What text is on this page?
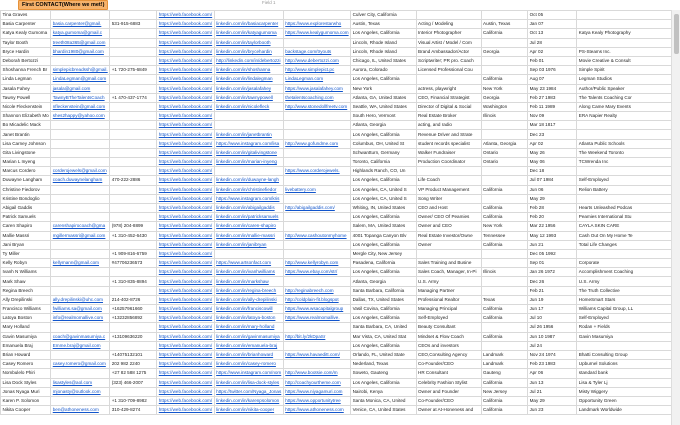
First CONTACT(Where we met!)	Field 1
Tina Graves			https://web.facebook.com/			Culver City, California			Oct 05	
Basia Carpenter	basia.carpenter@gmail.	531-915-6883	https://web.facebook.com/	linkedin.com/in/basiacarpenter	https://www.explorestarwho	Austin, Texas	Acting / Modeling	Austin, Texas	Jan 07	
Katya Kealy Gumoma	katya.gumoma@gmail.c		https://web.facebook.com/	linkedin.com/in/katyagumoma	https://www.kealygumoma.com	Los Angeles, California	Interior Photographer	California	Oct 13	Katya Kealy Photography
Taylor Booth	treeth08a365@gmail.com		https://web.facebook.com/	linkedin.com/in/taylorbooth		Lincoln, Rhode Island	Visual Artist / Model / Com		Jul 28	
Bryce Hardin	bhardin1980@gmail.com		https://web.facebook.com/	linkedin.com/in/brycehardin	backstage.com/tryouts	Lincoln, Rhode Island	Brand Ambassador/Actor	Georgia	Apr 02	PS-Steams Inc.
Deborah Bertozzi			https://web.facebook.com/	http://linkedin.com/in/debertozzi	http://www.debertozzi.com	Chicago, IL, United States	Scriptwriter; PR pro. Coach		Feb 01	Movie Creative & Consult
Shoshanna French Br	simplepicbreadssh@gmail.	+1 720-275-6849	https://web.facebook.com/	linkedin.com/in/shoshanna	http://www.simplepict.pc	Aurora, Colorado	Licensed Professional Cou		Sep 03 1976	Simple Spirit
Linda Legman	LindaLegman@gmail.com		https://web.facebook.com/	linkedin.com/in/lindalegman	LindaLegman.com	Los Angeles, California		California	Aug 07	Legman Studios
Jasala Fahey	jasala@gmail.com		https://web.facebook.com/	linkedin.com/in/jasalafahey	https://www.jasalafahey.com	New York	actress, playwright	New York	May 23 1984	Author/Public Speaker
Tawny Powell	TawnyBTheTalentsCoach	+1 470-437-1774	https://web.facebook.com/	linkedin.com/in/tawnypowell	thetalentscoaching.com	Atlanta, GA, United States	CEO, Financial Strategist	Georgia	Feb 27 1983	The Talents Coaching Cor
Nicole Fleckenstein	nfleckenstein@gmail.com		https://web.facebook.com/	linkedin.com/in/nicolefleck	http://www.stonedollfreetv.com	Seattle, WA, United States	Director of Digital & Social	Washington	Feb 11 1989	Along Came Mary Events
Shannon Elizabeth Mo	shes2happy@yahoo.com		https://web.facebook.com/			South Hero, Vermont	Real Estate Broker	Illinois	Nov 09	ERA Napier Realty
Bo Micadelic Mack			https://web.facebook.com/			Atlanta, Georgia	acting, and radio		Mar 18 1817	
Janet Brantin			https://web.facebook.com/	linkedin.com/in/janetbrantin		Los Angeles, California	Revenue Driver and Strate		Dec 23	
Lisa Carney Johnson			https://web.facebook.com/	https://www.instagram.com/lisa	http://www.gofundme.com	Columbus, OH, United St	student records specialist	Atlanta, Georgia	Apr 02	Atlanta Public Schools
Gita Livingstone			https://web.facebook.com/	linkedin.com/in/gitalivingstone		Schwantturn, Germany	Walker Fundraiser	Ontario	May 26	The Weekend Toronto
Marian L Inyeng			https://web.facebook.com/	linkedin.com/in/marian-inyeng		Toronto, California	Production Coordinator	Ontario	May 06	TCWrenda Inc
Marcus Cordero	corderojewels@gmail.com		https://web.facebook.com/		https://www.corderojewels.	Highlands Ranch, CO, Un			Dec 18	
Duwayne Langham	coach.duwaynelangham	470-222-2886	https://web.facebook.com/	linkedin.com/in/duwayne-langh		Los Angeles, California	Life Coach		Jul 07 1984	Self-Employed
Christine Fiedorov			https://web.facebook.com/	linkedin.com/in/christinefiedor	livebattery.com	Los Angeles, CA, United S	VP Product Management	California	Jun 06	Relion Battery
Kristine Bondoglio			https://web.facebook.com/	https://www.instagram.com/kris		Los Angeles, CA, United S	Song Writer		May 29	
Abigail Gaddis			https://web.facebook.com/	linkedin.com/in/abigailgaddis	http://abigailgaddis.com/	Whiting, IN, United States	CEO and Host	California	Feb 28	Hearts Unleashed Podcas
Patrick Samuels			https://web.facebook.com/	linkedin.com/in/patricksamuels		Los Angeles, California	Owner/ CEO Of Peamies	California	Feb 20	Peamies International Stu
Caren Shapiro	carenshapirocoach@gma	(978) 204-8899	https://web.facebook.com/	linkedin.com/in/caren-shapiro		Salem, MA, United States	Owner and CEO	New York	Mar 22 1956	CAYLA SKIN CARE
Mallie Massri	mgillermassri@gmail.com	+1 310-452-6430	https://web.facebook.com/	linkedin.com/in/mallie-massri	http://www.cashoutonmyhome	4001 Topanga Canyon Blv	Real Estate Investor/Owne	Tennessee	May 12 1993	Cash Out On My Home Te
Jani Bryan			https://web.facebook.com/	linkedin.com/in/janibryan		Los Angeles, California	Owner	California	Jun 21	Total Life Changes
Ty Miller		+1 909-816-6759	https://web.facebook.com/			Mergle City, New Jersey			Dec 05 1992	
Kelly Robyn	kellymann@gmail.com	#47706236573	https://web.facebook.com/	https://www.artsonfact.com	http://www.kellyrobyn.com	Pasadena, California	Sales Training and Busine		Sep 01	Corporate
Ivanh N Williams			https://web.facebook.com/	linkedin.com/in/ivanhwilliams	https://www.ebay.com/str/	Los Angeles, California	Sales Coach, Manager, In-Pi	Illinois	Jan 26 1972	Accomplishment Coaching
Mark Shaw		+1 310-835-8894	https://web.facebook.com/	linkedin.com/in/markshaw		Atlanta, Georgia	U.S. Army		Dec 26	U.S. Army
Regina Breech			https://web.facebook.com/	linkedin.com/in/regina-breech	http://reginabreech.com	Santa Barbara, California	Managing Partner		Feb 21	The Truth Collective
Ally Drepilinski	ally.drepilinski@uhc.com	214-402-8726	https://web.facebook.com/	linkedin.com/in/ally-drepilinski	http://coldplain-fit.blogspot	Dallas, TX, United States	Professional Realtor	Texas	Jun 19	HomeSmart Stars
Francisco Williams	fwilliams.sa@gmail.com	+16257961660	https://web.facebook.com/	linkedin.com/in/franciscowill	https://www.wsacapitalgroup	Vasil Covina, California	Managing Principal	California	Jun 17	Williams Capital Group, LL
Latoya Boston	info@realmomallive.com	+13232856892	https://web.facebook.com/	linkedin.com/in/latoya-boston	https://www.realmomallive.	Los Angeles, California	Self-Employed	California	Jul 10	Self-Employed
Mary Holland			https://web.facebook.com/	linkedin.com/in/mary-holland		Santa Barbara, CA, United	Beauty Consultant		Jul 26 1956	Rodan + Fields
Gavin Masumiya	coach@gavinmasumiya.c	+13109636220	https://web.facebook.com/	linkedin.com/in/gavinmasumiya	http://bit.ly/2kDpaSr	Mar Vista, CA, United Stat	Mindset & Flow Coach	California	Jun 10 1987	Gavin Masumiya
Emanuela Braj	Emme.braj@gmail.com		https://web.facebook.com/	linkedin.com/in/emanuela-braj		Los Angeles, California	CEOs and investors		Jul 24	
Brian Howard		+14075132101	https://web.facebook.com/	linkedin.com/in/brianhoward	https://www.havaeditt.com/	Orlando, FL, United State	CEO,Consulting Agency	Landmark	Nov 24 1974	Bhatti Consulting Group
Casey Romero	casey.romero@gmail.com	202 982 2240	https://web.facebook.com/	linkedin.com/in/casey-romero		Nederland, Texas	Co-Founder/CEO	Landmark	Feb 23 1983	Upburnel Solutions
Nombulelo Phiri		+27 82 588 1275	https://web.facebook.com/	https://www.instagram.com/nom	http://www.bootsie.com/m	Soweto, Gauteng	HR Consultant	Gauteng	Apr 06	standard bank
Lisa Dock Styles	lisastyles@aol.com	(323) 466-2007	https://web.facebook.com/	linkedin.com/in/lisa-dock-styles	http://coachyourtheme.com	Los Angeles, California	Celebrity Fashion Stylist	California	Jun 13	Lisa & Tyler Lj
Jonas Nyaga Muri	mjonasty@outlook.com		https://web.facebook.com/	https://twitter.com/Nyaga_Jonas	https://www.niyagamuri.com	Nairobi, Kenya	Owner and Founder	New Jersey	Jul 21	Misty Wiggery
Karen P. Solomon		+1 310-709-8982	https://web.facebook.com/	linkedin.com/in/karenpsolomon	https://www.opportunitytree	Santa Monica, CA, United	Co-Founder/CEO	California	May 29	Opportunity Green
Nikita Cooper	ben@athoneness.com	310-429-8274	https://web.facebook.com/	linkedin.com/in/nikita-cooper	https://www.athoneness.com	Venice, CA, United States	Owner at At-Honeness and	California	Jun 23	Landmark Worldwide
